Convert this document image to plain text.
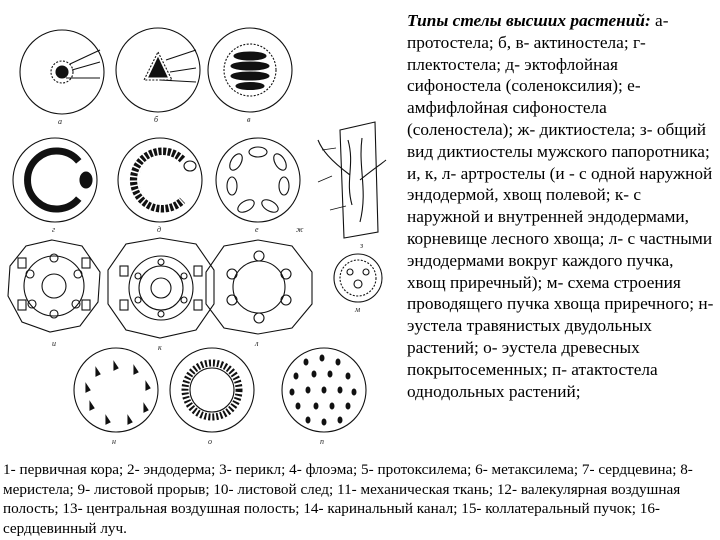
а	б	в
г	д	е	ж
з
и	к	л
м
н	о	п
Типы стелы высших растений: а- протостела; б, в- актиностела; г- плектостела; д- эктофлойная сифоностела (соленоксилия); е- амфифлойная сифоностела (соленостела); ж- диктиостела; з- общий вид диктиостелы мужского папоротника; и, к, л- артростелы (и - с одной наружной эндодермой, хвощ полевой; к- с наружной и внутренней эндодермами, корневище лесного хвоща; л- с частными эндодермами вокруг каждого пучка, хвощ приречный); м- схема строения проводящего пучка хвоща приречного; н- эустела травянистых двудольных растений; о- эустела древесных покрытосеменных; п- атактостела однодольных растений;
1- первичная кора; 2- эндодерма; 3- перикл; 4- флоэма; 5- протоксилема; 6- метаксилема; 7- сердцевина; 8- меристела; 9- листовой прорыв; 10- листовой след; 11- механическая ткань; 12- валекулярная воздушная полость; 13- центральная воздушная полость; 14- каринальный канал; 15- коллатеральный пучок; 16- сердцевинный луч.
